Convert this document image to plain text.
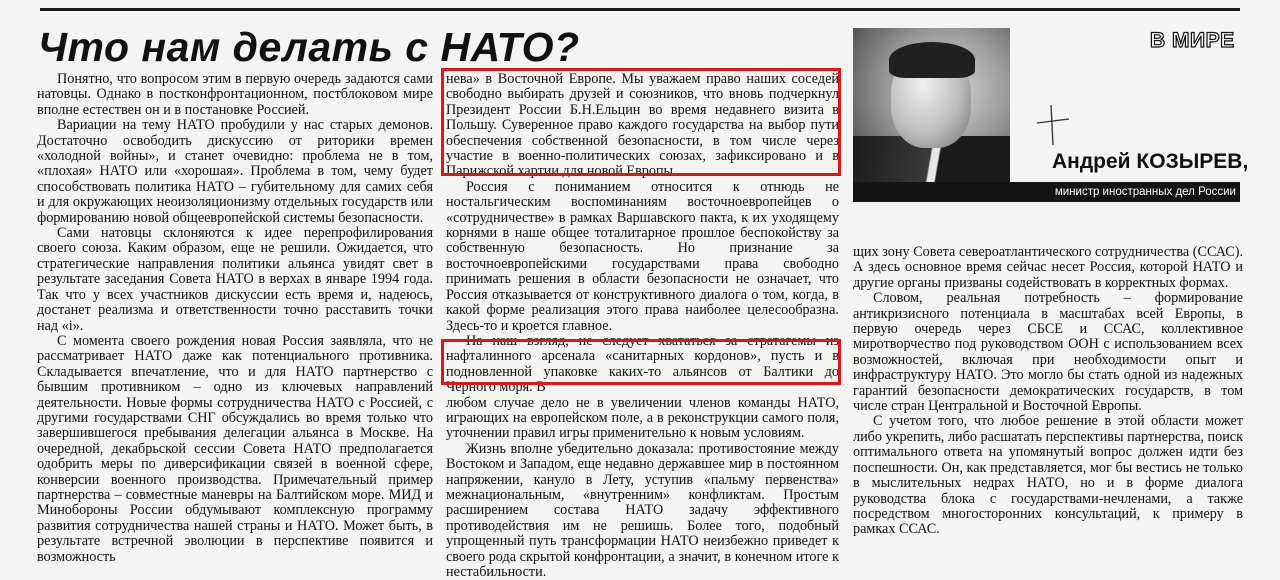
Что нам делать с НАТО?	В МИРЕ
Андрей КОЗЫРЕВ,
министр иностранных дел России

Понятно, что вопросом этим в первую очередь задаются сами натовцы. Однако в постконфронтационном, постблоковом мире вполне естествен он и в постановке Россией.

Вариации на тему НАТО пробудили у нас старых демонов. Достаточно освободить дискуссию от риторики времен «холодной войны», и станет очевидно: проблема не в том, «плохая» НАТО или «хорошая». Проблема в том, чему будет способствовать политика НАТО – губительному для самих себя и для окружающих неоизоляционизму отдельных государств или формированию новой общеевропейской системы безопасности.

Сами натовцы склоняются к идее перепрофилирования своего союза. Каким образом, еще не решили. Ожидается, что стратегические направления политики альянса увидят свет в результате заседания Совета НАТО в верхах в январе 1994 года. Так что у всех участников дискуссии есть время и, надеюсь, достанет реализма и ответственности точно расставить точки над «i».

С момента своего рождения новая Россия заявляла, что не рассматривает НАТО даже как потенциального противника. Складывается впечатление, что и для НАТО партнерство с бывшим противником – одно из ключевых направлений деятельности. Новые формы сотрудничества НАТО с Россией, с другими государствами СНГ обсуждались во время только что завершившегося пребывания делегации альянса в Москве. На очередной, декабрьской сессии Совета НАТО предполагается одобрить меры по диверсификации связей в военной сфере, конверсии военного производства. Примечательный пример партнерства – совместные маневры на Балтийском море. МИД и Минобороны России обдумывают комплексную программу развития сотрудничества нашей страны и НАТО. Может быть, в результате встречной эволюции в перспективе появится и возможность

нева» в Восточной Европе. Мы уважаем право наших соседей свободно выбирать друзей и союзников, что вновь подчеркнул Президент России Б.Н.Ельцин во время недавнего визита в Польшу. Суверенное право каждого государства на выбор пути обеспечения собственной безопасности, в том числе через участие в военно-политических союзах, зафиксировано и в Парижской хартии для новой Европы.

Россия с пониманием относится к отнюдь не ностальгическим воспоминаниям восточноевропейцев о «сотрудничестве» в рамках Варшавского пакта, к их уходящему корнями в наше общее тоталитарное прошлое беспокойству за собственную безопасность. Но признание за восточноевропейскими государствами права свободно принимать решения в области безопасности не означает, что Россия отказывается от конструктивного диалога о том, когда, в какой форме реализация этого права наиболее целесообразна. Здесь-то и кроется главное.

На наш взгляд, не следует хвататься за стратагемы из нафталинного арсенала «санитарных кордонов», пусть и в подновленной упаковке каких-то альянсов от Балтики до Черного моря. В

любом случае дело не в увеличении членов команды НАТО, играющих на европейском поле, а в реконструкции самого поля, уточнении правил игры применительно к новым условиям.

Жизнь вполне убедительно доказала: противостояние между Востоком и Западом, еще недавно державшее мир в постоянном напряжении, кануло в Лету, уступив «пальму первенства» межнациональным, «внутренним» конфликтам. Простым расширением состава НАТО задачу эффективного противодействия им не решишь. Более того, подобный упрощенный путь трансформации НАТО неизбежно приведет к своего рода скрытой конфронтации, а значит, в конечном итоге к нестабильности.

щих зону Совета североатлантического сотрудничества (ССАС). А здесь основное время сейчас несет Россия, которой НАТО и другие органы призваны содействовать в корректных формах.

Словом, реальная потребность – формирование антикризисного потенциала в масштабах всей Европы, в первую очередь через СБСЕ и ССАС, коллективное миротворчество под руководством ООН с использованием всех возможностей, включая при необходимости опыт и инфраструктуру НАТО. Это могло бы стать одной из надежных гарантий безопасности демократических государств, в том числе стран Центральной и Восточной Европы.

С учетом того, что любое решение в этой области может либо укрепить, либо расшатать перспективы партнерства, поиск оптимального ответа на упомянутый вопрос должен идти без поспешности. Он, как представляется, мог бы вестись не только в мыслительных недрах НАТО, но и в форме диалога руководства блока с государствами-нечленами, а также посредством многосторонних консультаций, к примеру в рамках ССАС.
